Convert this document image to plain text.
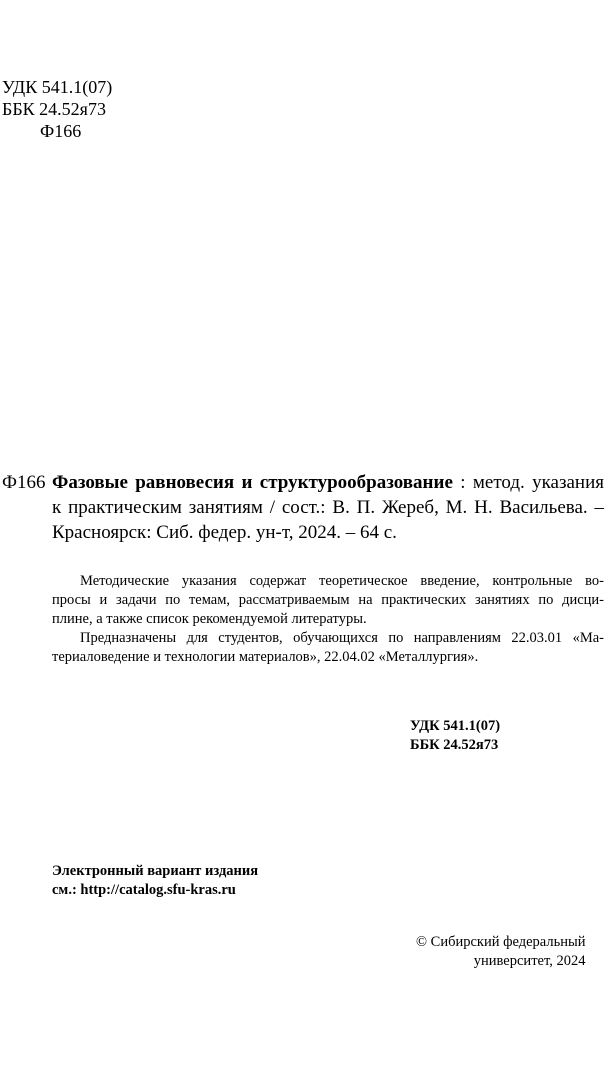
УДК 541.1(07)
ББК 24.52я73
Ф166
Ф166 Фазовые равновесия и структурообразование : метод. указания
к практическим занятиям / сост.: В. П. Жереб, М. Н. Васильева. –
Красноярск: Сиб. федер. ун-т, 2024. – 64 с.
Методические указания содержат теоретическое введение, контрольные во-
просы и задачи по темам, рассматриваемым на практических занятиях по дисци-
плине, а также список рекомендуемой литературы.
Предназначены для студентов, обучающихся по направлениям 22.03.01 «Ма-
териаловедение и технологии материалов», 22.04.02 «Металлургия».
УДК 541.1(07)
ББК 24.52я73
Электронный вариант издания
см.: http://catalog.sfu-kras.ru
© Сибирский федеральный
университет, 2024
